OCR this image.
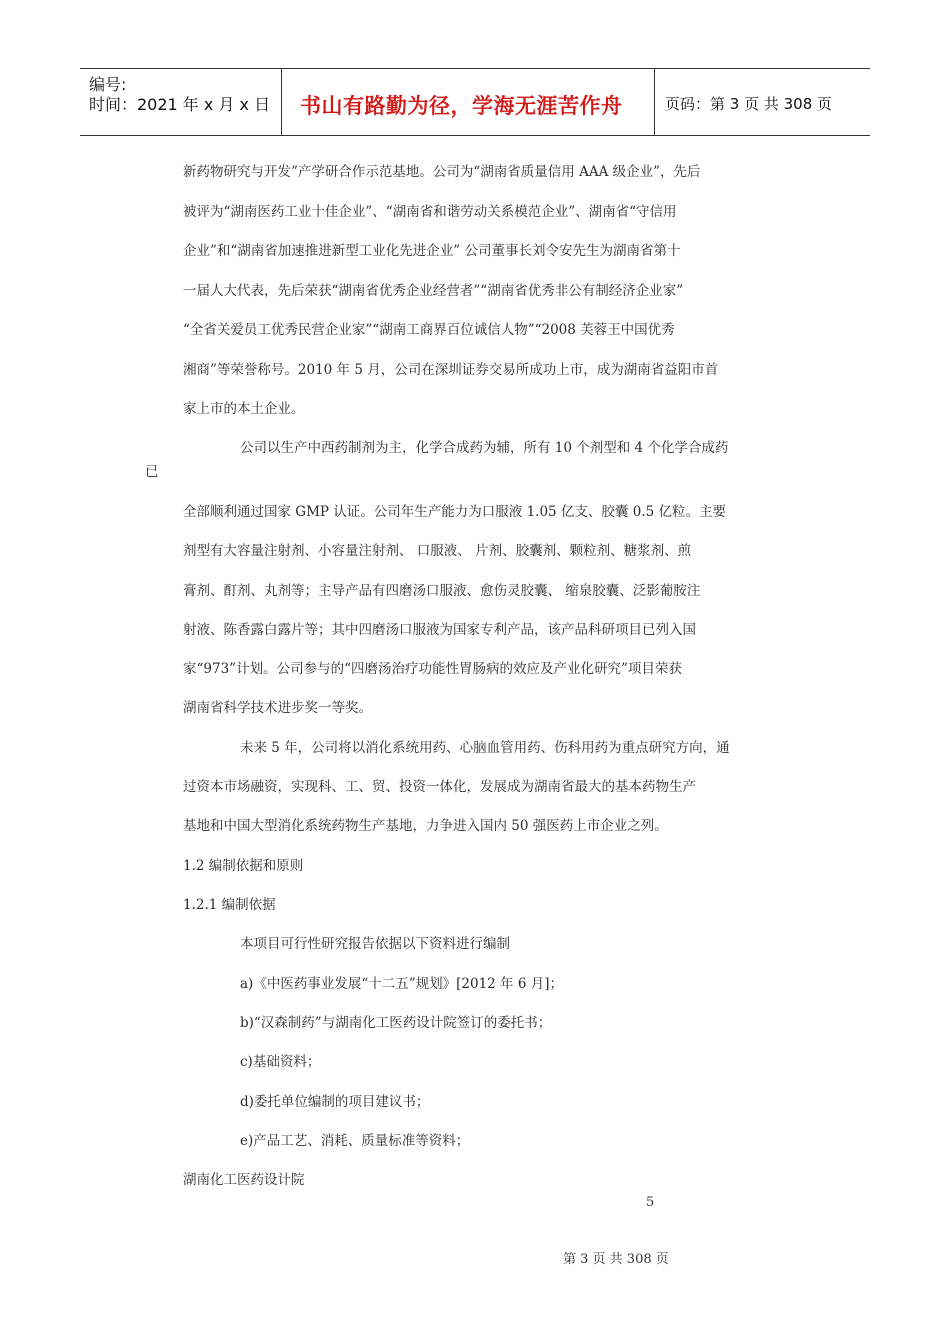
编号:
时间：2021 年 x 月 x 日 书山有路勤为径，学海无涯苦作舟	页码：第 3 页 共 308 页
新药物研究与开发”产学研合作示范基地。公司为“湖南省质量信用 AAA 级企业”，先后
被评为“湖南医药工业十佳企业”、“湖南省和谐劳动关系模范企业”、湖南省“守信用
企业”和“湖南省加速推进新型工业化先进企业” 公司董事长刘令安先生为湖南省第十
一届人大代表，先后荣获“湖南省优秀企业经营者”“湖南省优秀非公有制经济企业家”
“全省关爱员工优秀民营企业家”“湖南工商界百位诚信人物”“2008 芙蓉王中国优秀
湘商”等荣誉称号。2010 年 5 月，公司在深圳证券交易所成功上市，成为湖南省益阳市首
家上市的本土企业。
公司以生产中西药制剂为主，化学合成药为辅，所有 10 个剂型和 4 个化学合成药
已
全部顺利通过国家 GMP 认证。公司年生产能力为口服液 1.05 亿支、胶囊 0.5 亿粒。主要
剂型有大容量注射剂、小容量注射剂、 口服液、 片剂、胶囊剂、颗粒剂、糖浆剂、煎
膏剂、酊剂、丸剂等；主导产品有四磨汤口服液、愈伤灵胶囊、 缩泉胶囊、泛影葡胺注
射液、陈香露白露片等；其中四磨汤口服液为国家专利产品，该产品科研项目已列入国
家“973”计划。公司参与的“四磨汤治疗功能性胃肠病的效应及产业化研究”项目荣获
湖南省科学技术进步奖一等奖。
未来 5 年，公司将以消化系统用药、心脑血管用药、伤科用药为重点研究方向，通
过资本市场融资，实现科、工、贸、投资一体化，发展成为湖南省最大的基本药物生产
基地和中国大型消化系统药物生产基地，力争进入国内 50 强医药上市企业之列。
1.2 编制依据和原则
1.2.1 编制依据
本项目可行性研究报告依据以下资料进行编制
a)《中医药事业发展“十二五”规划》[2012 年 6 月]；
b)“汉森制药”与湖南化工医药设计院签订的委托书；
c)基础资料；
d)委托单位编制的项目建议书；
e)产品工艺、消耗、质量标准等资料；
湖南化工医药设计院
5
第 3 页 共 308 页
